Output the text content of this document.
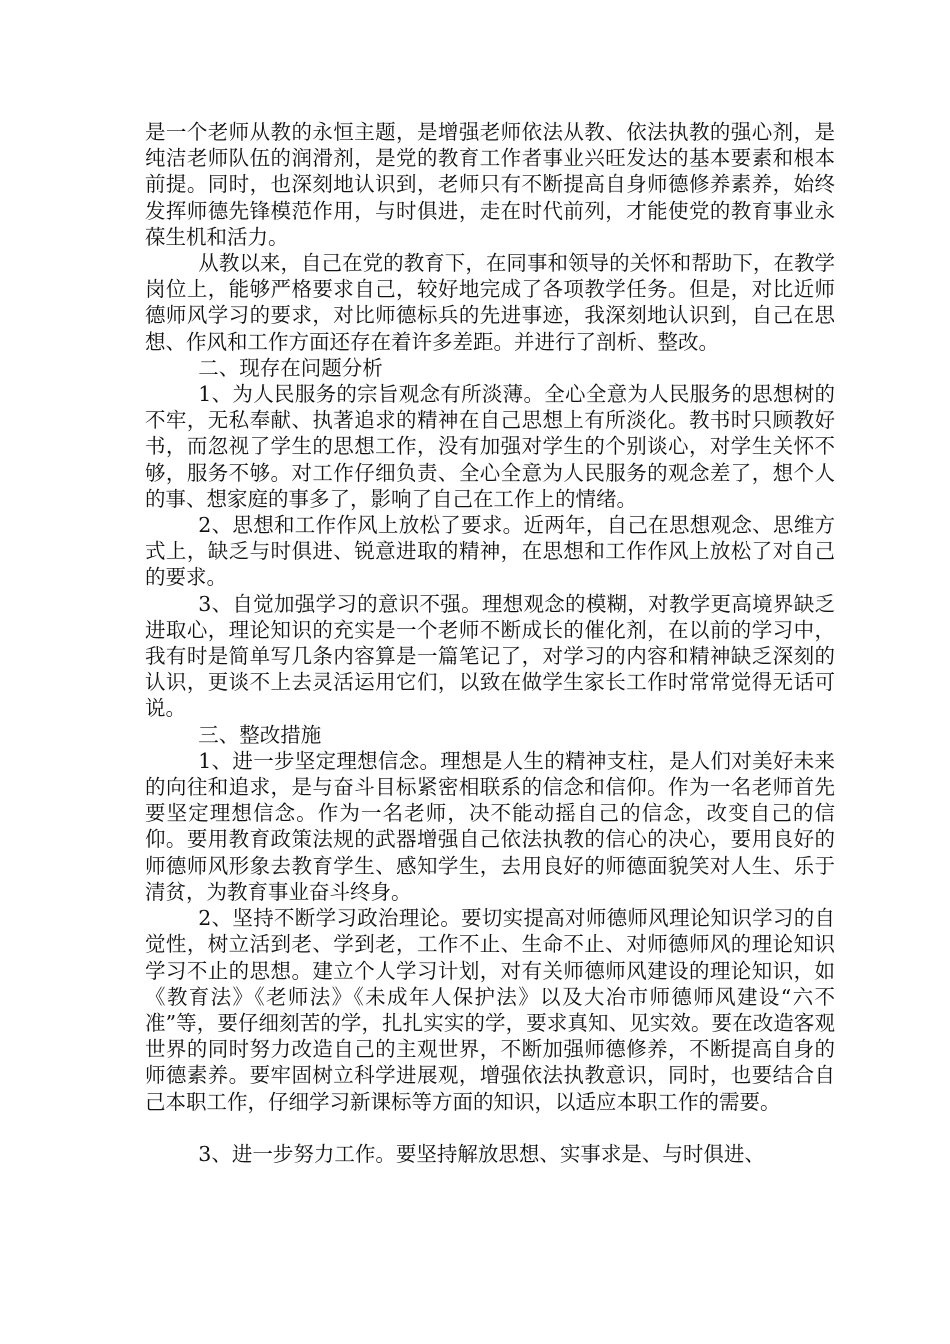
是一个老师从教的永恒主题，是增强老师依法从教、依法执教的强心剂，是纯洁老师队伍的润滑剂，是党的教育工作者事业兴旺发达的基本要素和根本前提。同时，也深刻地认识到，老师只有不断提高自身师德修养素养，始终发挥师德先锋模范作用，与时俱进，走在时代前列，才能使党的教育事业永葆生机和活力。

从教以来，自己在党的教育下，在同事和领导的关怀和帮助下，在教学岗位上，能够严格要求自己，较好地完成了各项教学任务。但是，对比近师德师风学习的要求，对比师德标兵的先进事迹，我深刻地认识到，自己在思想、作风和工作方面还存在着许多差距。并进行了剖析、整改。

二、现存在问题分析

1、为人民服务的宗旨观念有所淡薄。全心全意为人民服务的思想树的不牢，无私奉献、执著追求的精神在自己思想上有所淡化。教书时只顾教好书，而忽视了学生的思想工作，没有加强对学生的个别谈心，对学生关怀不够，服务不够。对工作仔细负责、全心全意为人民服务的观念差了，想个人的事、想家庭的事多了，影响了自己在工作上的情绪。

2、思想和工作作风上放松了要求。近两年，自己在思想观念、思维方式上，缺乏与时俱进、锐意进取的精神，在思想和工作作风上放松了对自己的要求。

3、自觉加强学习的意识不强。理想观念的模糊，对教学更高境界缺乏进取心，理论知识的充实是一个老师不断成长的催化剂，在以前的学习中，我有时是简单写几条内容算是一篇笔记了，对学习的内容和精神缺乏深刻的认识，更谈不上去灵活运用它们，以致在做学生家长工作时常常觉得无话可说。

三、整改措施

1、进一步坚定理想信念。理想是人生的精神支柱，是人们对美好未来的向往和追求，是与奋斗目标紧密相联系的信念和信仰。作为一名老师首先要坚定理想信念。作为一名老师，决不能动摇自己的信念，改变自己的信仰。要用教育政策法规的武器增强自己依法执教的信心的决心，要用良好的师德师风形象去教育学生、感知学生，去用良好的师德面貌笑对人生、乐于清贫，为教育事业奋斗终身。

2、坚持不断学习政治理论。要切实提高对师德师风理论知识学习的自觉性，树立活到老、学到老，工作不止、生命不止、对师德师风的理论知识学习不止的思想。建立个人学习计划，对有关师德师风建设的理论知识，如《教育法》《老师法》《未成年人保护法》以及大冶市师德师风建设“六不准”等，要仔细刻苦的学，扎扎实实的学，要求真知、见实效。要在改造客观世界的同时努力改造自己的主观世界，不断加强师德修养，不断提高自身的师德素养。要牢固树立科学进展观，增强依法执教意识，同时，也要结合自己本职工作，仔细学习新课标等方面的知识，以适应本职工作的需要。

3、进一步努力工作。要坚持解放思想、实事求是、与时俱进、
